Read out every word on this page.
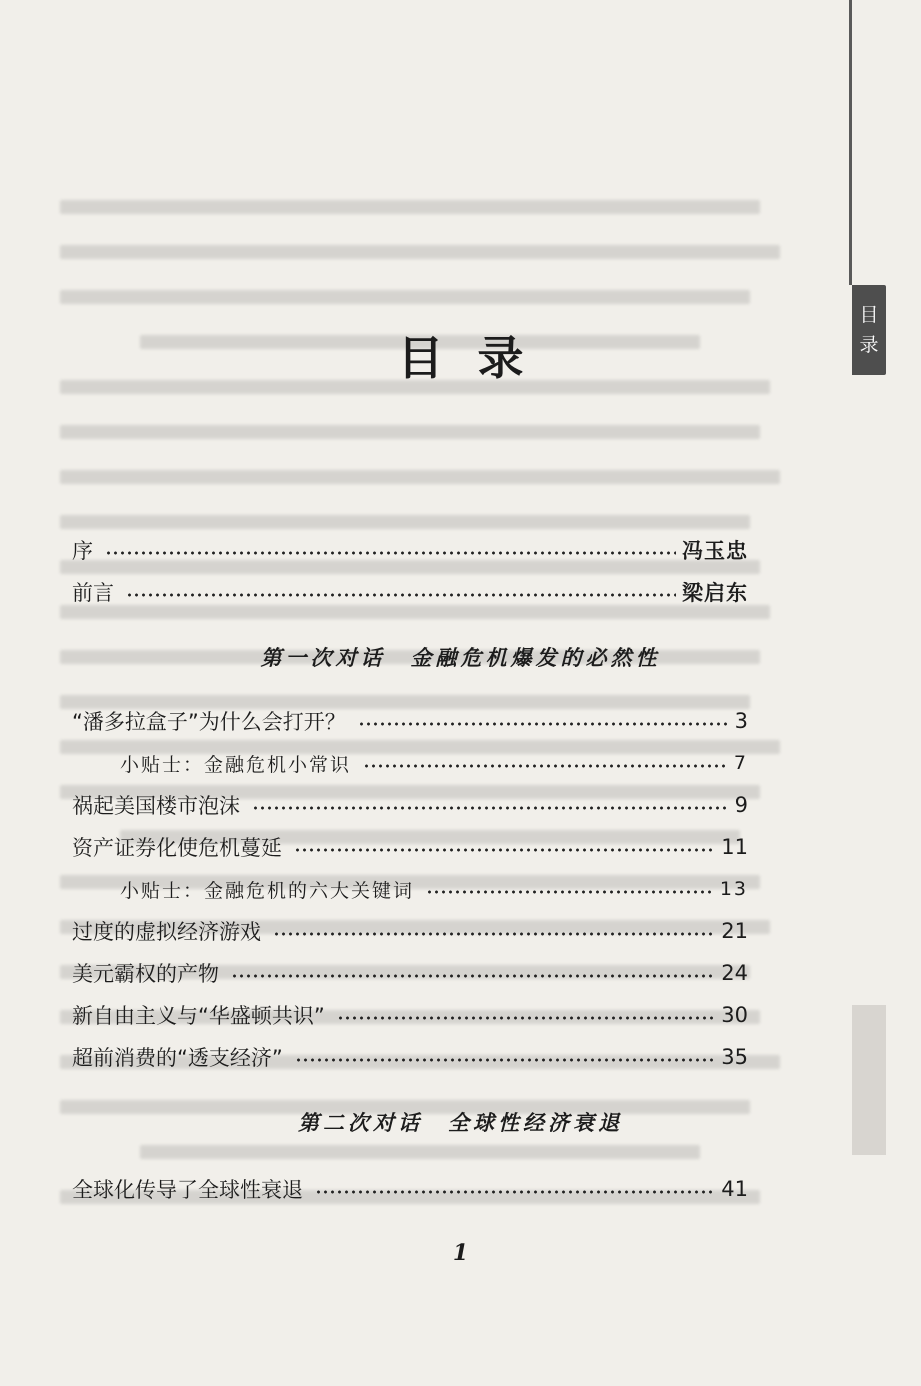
目
录
目录
序	冯玉忠
前言	梁启东
第一次对话　金融危机爆发的必然性
“潘多拉盒子”为什么会打开？	3
小贴士：金融危机小常识	7
祸起美国楼市泡沫	9
资产证券化使危机蔓延	11
小贴士：金融危机的六大关键词	13
过度的虚拟经济游戏	21
美元霸权的产物	24
新自由主义与“华盛顿共识”	30
超前消费的“透支经济”	35
第二次对话　全球性经济衰退
全球化传导了全球性衰退	41
1
